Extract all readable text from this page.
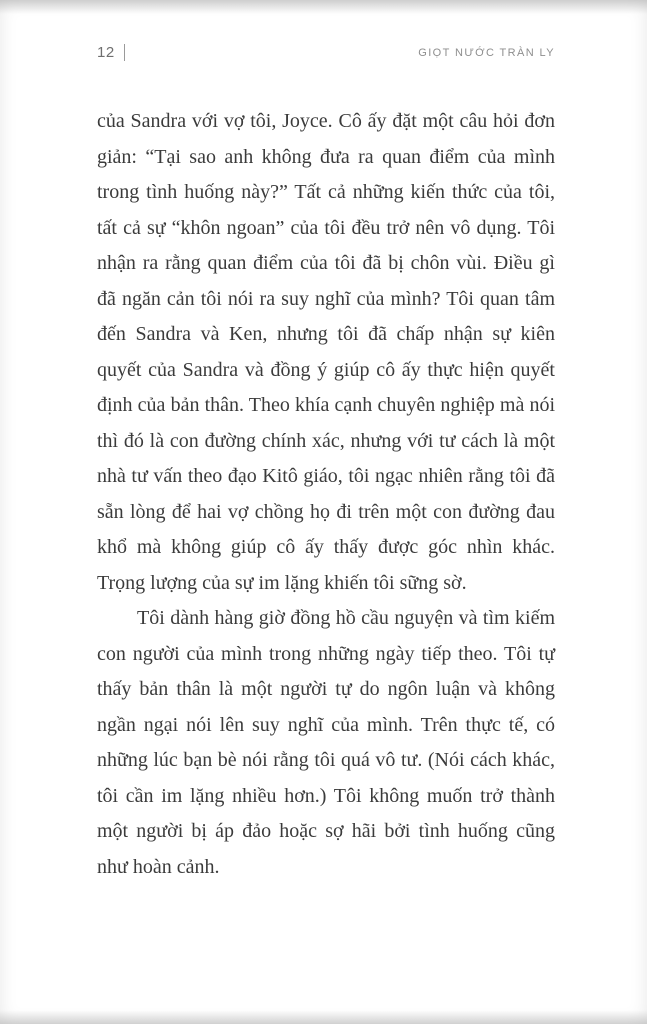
12	GIỌT NƯỚC TRÀN LY

của Sandra với vợ tôi, Joyce. Cô ấy đặt một câu hỏi đơn giản: “Tại sao anh không đưa ra quan điểm của mình trong tình huống này?” Tất cả những kiến thức của tôi, tất cả sự “khôn ngoan” của tôi đều trở nên vô dụng. Tôi nhận ra rằng quan điểm của tôi đã bị chôn vùi. Điều gì đã ngăn cản tôi nói ra suy nghĩ của mình? Tôi quan tâm đến Sandra và Ken, nhưng tôi đã chấp nhận sự kiên quyết của Sandra và đồng ý giúp cô ấy thực hiện quyết định của bản thân. Theo khía cạnh chuyên nghiệp mà nói thì đó là con đường chính xác, nhưng với tư cách là một nhà tư vấn theo đạo Kitô giáo, tôi ngạc nhiên rằng tôi đã sẵn lòng để hai vợ chồng họ đi trên một con đường đau khổ mà không giúp cô ấy thấy được góc nhìn khác. Trọng lượng của sự im lặng khiến tôi sững sờ.

Tôi dành hàng giờ đồng hồ cầu nguyện và tìm kiếm con người của mình trong những ngày tiếp theo. Tôi tự thấy bản thân là một người tự do ngôn luận và không ngần ngại nói lên suy nghĩ của mình. Trên thực tế, có những lúc bạn bè nói rằng tôi quá vô tư. (Nói cách khác, tôi cần im lặng nhiều hơn.) Tôi không muốn trở thành một người bị áp đảo hoặc sợ hãi bởi tình huống cũng như hoàn cảnh.
